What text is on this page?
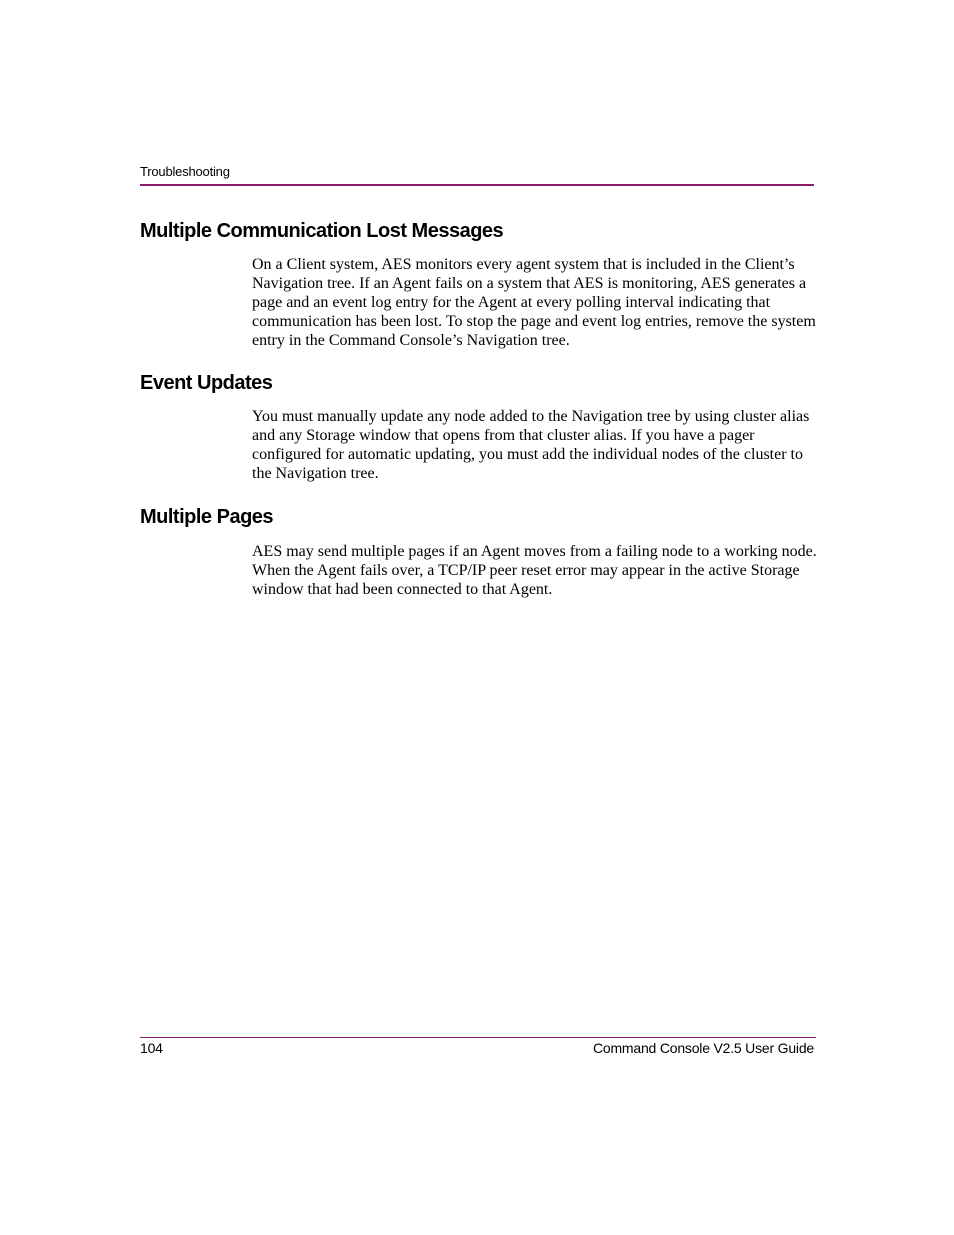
Troubleshooting
Multiple Communication Lost Messages

On a Client system, AES monitors every agent system that is included in the Client’s Navigation tree. If an Agent fails on a system that AES is monitoring, AES generates a page and an event log entry for the Agent at every polling interval indicating that communication has been lost. To stop the page and event log entries, remove the system entry in the Command Console’s Navigation tree.

Event Updates

You must manually update any node added to the Navigation tree by using cluster alias and any Storage window that opens from that cluster alias. If you have a pager configured for automatic updating, you must add the individual nodes of the cluster to the Navigation tree.

Multiple Pages

AES may send multiple pages if an Agent moves from a failing node to a working node. When the Agent fails over, a TCP/IP peer reset error may appear in the active Storage window that had been connected to that Agent.

104	Command Console V2.5 User Guide
